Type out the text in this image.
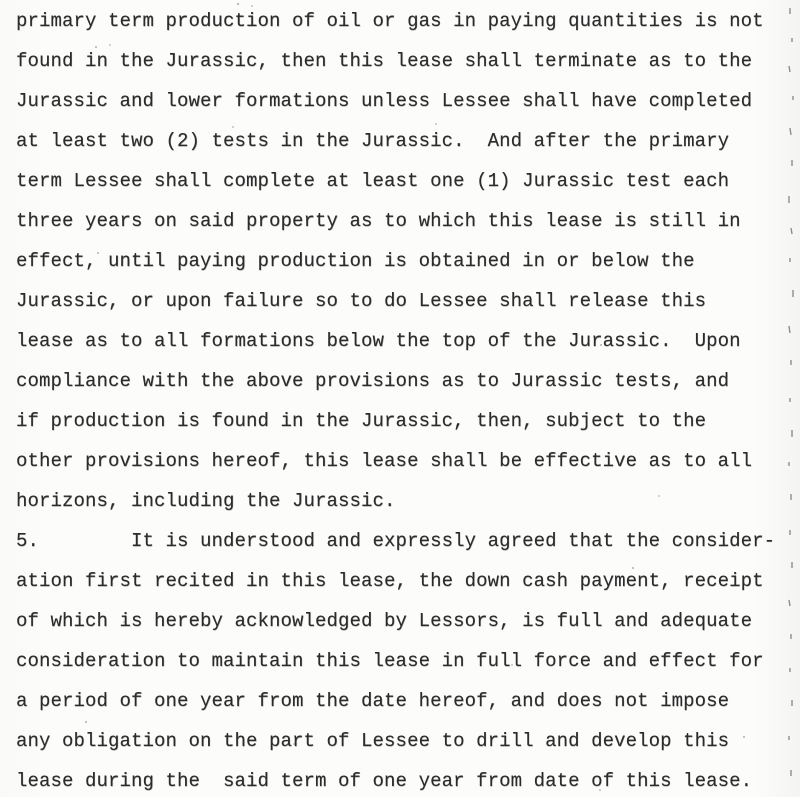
primary term production of oil or gas in paying quantities is not
found in the Jurassic, then this lease shall terminate as to the
Jurassic and lower formations unless Lessee shall have completed
at least two (2) tests in the Jurassic.  And after the primary
term Lessee shall complete at least one (1) Jurassic test each
three years on said property as to which this lease is still in
effect, until paying production is obtained in or below the
Jurassic, or upon failure so to do Lessee shall release this
lease as to all formations below the top of the Jurassic.  Upon
compliance with the above provisions as to Jurassic tests, and
if production is found in the Jurassic, then, subject to the
other provisions hereof, this lease shall be effective as to all
horizons, including the Jurassic.
5.        It is understood and expressly agreed that the consider-
ation first recited in this lease, the down cash payment, receipt
of which is hereby acknowledged by Lessors, is full and adequate
consideration to maintain this lease in full force and effect for
a period of one year from the date hereof, and does not impose
any obligation on the part of Lessee to drill and develop this
lease during the  said term of one year from date of this lease.
